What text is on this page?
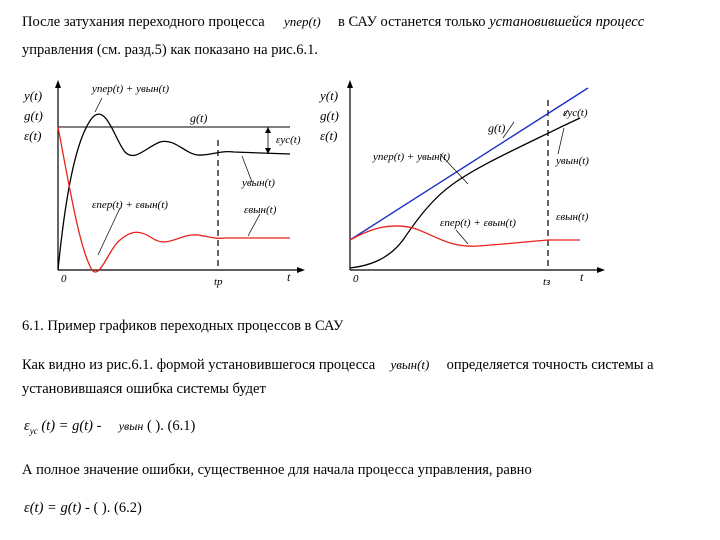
После затухания переходного процесса yпер(t) в САУ останется только установившейся процесс
управления (см. разд.5) как показано на рис.6.1.
y(t)
g(t)
ε(t)
yпер(t) + yвын(t)
g(t)
εус(t)
yвын(t)
εпер(t) + εвын(t)	εвын(t)
0	tр	t
y(t)
g(t)
ε(t)	g(t)
εус(t)
yпер(t) + yвын(t)	yвын(t)
εпер(t) + εвын(t)	εвын(t)
0	tз t
6.1. Пример графиков переходных процессов в САУ
Как видно из рис.6.1. формой установившегося процесса yвын(t) определяется точность системы а
установившаяся ошибка системы будет
$\varepsilon_{уc}$ (t) = g(t) - yвын ( ). (6.1)
А полное значение ошибки, существенное для начала процесса управления, равно
ε(t) = g(t) - ( ). (6.2)
